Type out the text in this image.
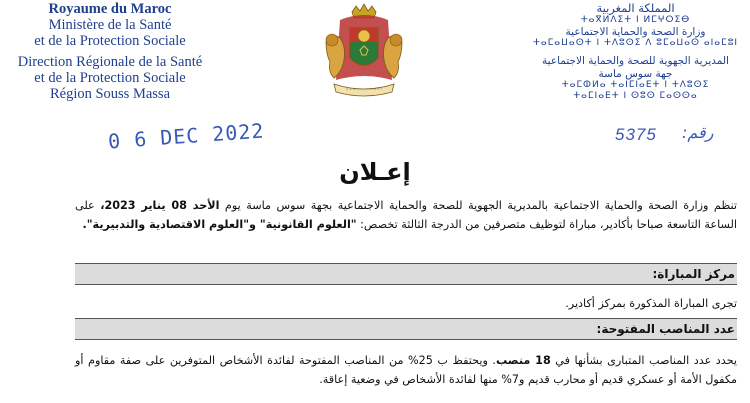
Royaume du Maroc
Ministère de la Santé
et de la Protection Sociale
Direction Régionale de la Santé
et de la Protection Sociale
Région Souss Massa
المملكة المغربية
ⵜⴰⴳⵍⴷⵉⵜ ⵏ ⵍⵎⵖⵔⵉⴱ
وزارة الصحة والحماية الاجتماعية
ⵜⴰⵎⴰⵡⴰⵙⵜ ⵏ ⵜⴷⵓⵙⵉ ⴷ ⵓⵎⴰⵡⴰⵙ ⴰⵏⴰⵎⵓⵏ
المديرية الجهوية للصحة والحماية الاجتماعية
جهة سوس ماسة
ⵜⴰⵎⵀⵍⴰ ⵜⴰⵏⵎⵏⴰⴹⵜ ⵏ ⵜⴷⵓⵙⵉ
ⵜⴰⵎⵏⴰⴹⵜ ⵏ ⵙⵓⵙ ⵎⴰⵙⵙⴰ
0 6 DEC 2022	رقم:
5375
إعـلان
تنظم وزارة الصحة والحماية الاجتماعية بالمديرية الجهوية للصحة والحماية الاجتماعية بجهة سوس ماسة يوم الأحد 08 يناير 2023، على الساعة التاسعة صباحا بأكادير، مباراة لتوظيف متصرفين من الدرجة الثالثة تخصص: "العلوم القانونية" و"العلوم الاقتصادية والتدبيرية".
مركز المباراة:
تجرى المباراة المذكورة بمركز أكادير.
عدد المناصب المفتوحة:
يحدد عدد المناصب المتبارى بشأنها في 18 منصب. ويحتفظ ب 25% من المناصب المفتوحة لفائدة الأشخاص المتوفرين على صفة مقاوم أو مكفول الأمة أو عسكري قديم أو محارب قديم و7% منها لفائدة الأشخاص في وضعية إعاقة.
